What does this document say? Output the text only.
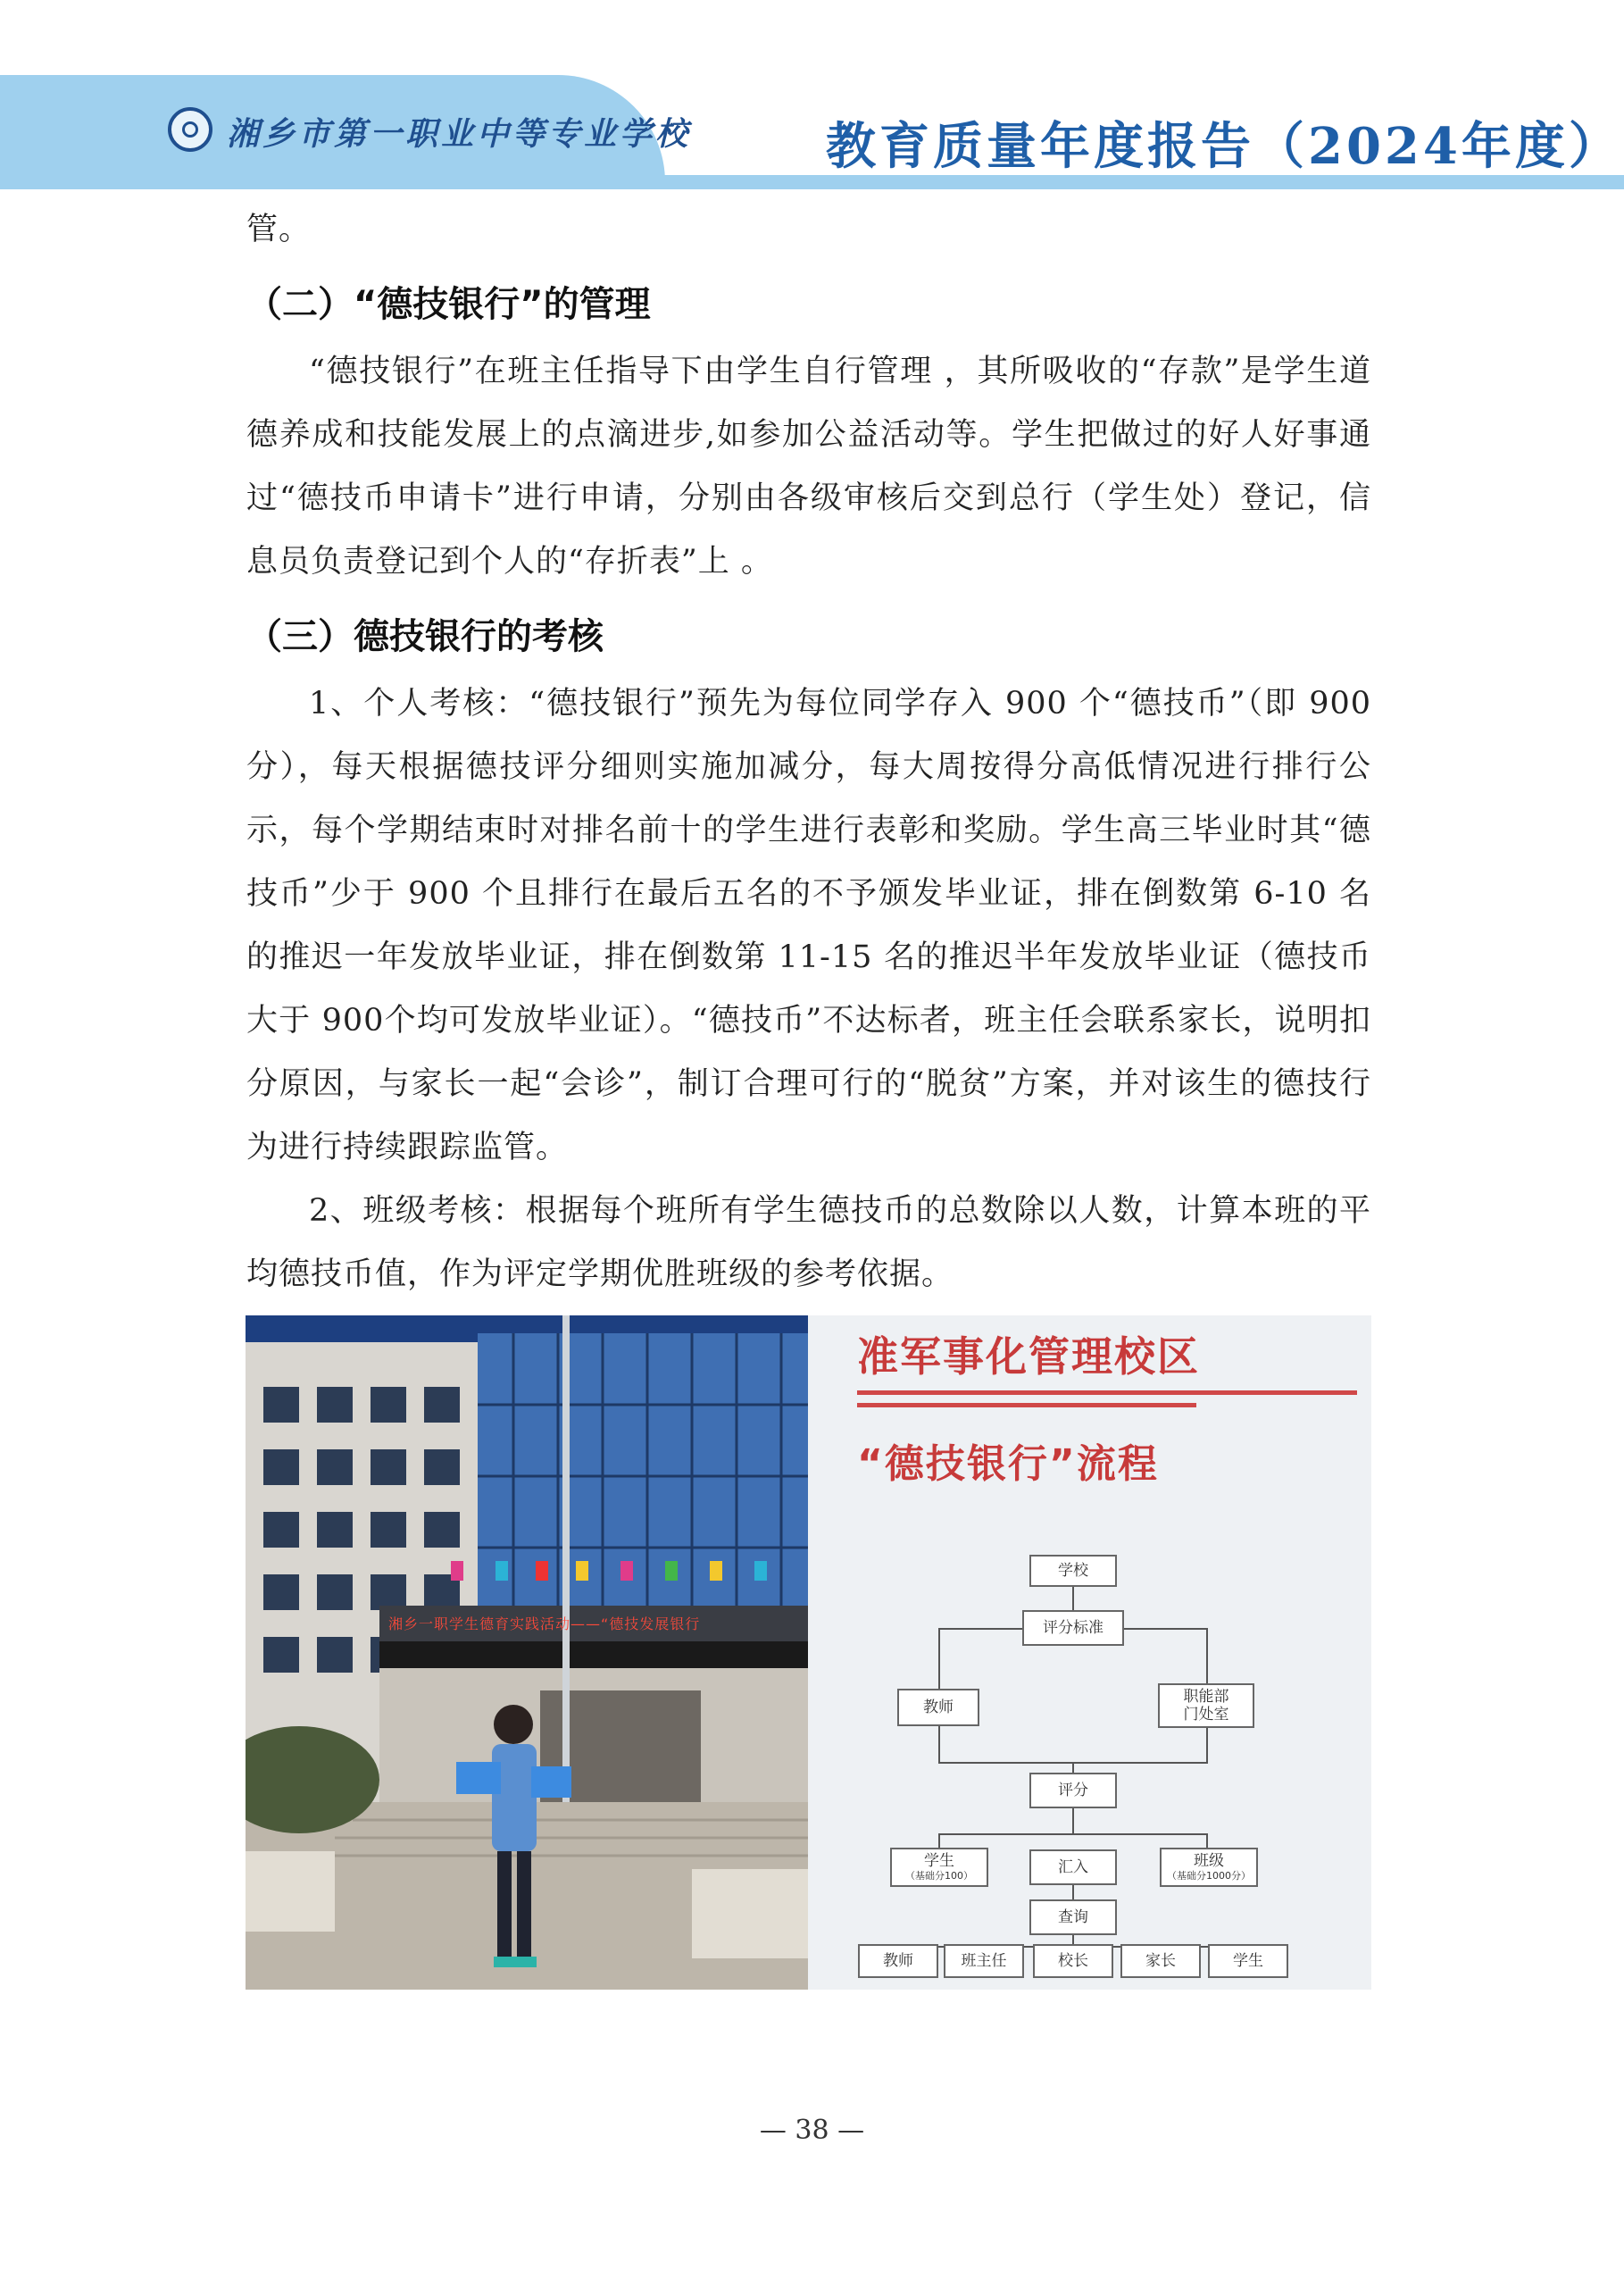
湘乡市第一职业中等专业学校	教育质量年度报告（2024年度）

管。

（二）“德技银行”的管理

“德技银行”在班主任指导下由学生自行管理 ，其所吸收的“存款”是学生道德养成和技能发展上的点滴进步,如参加公益活动等。学生把做过的好人好事通过“德技币申请卡”进行申请，分别由各级审核后交到总行（学生处）登记，信息员负责登记到个人的“存折表”上 。

（三）德技银行的考核

1、个人考核：“德技银行”预先为每位同学存入 900 个“德技币”（即 900分），每天根据德技评分细则实施加减分，每大周按得分高低情况进行排行公示，每个学期结束时对排名前十的学生进行表彰和奖励。学生高三毕业时其“德技币”少于 900 个且排行在最后五名的不予颁发毕业证，排在倒数第 6-10 名的推迟一年发放毕业证，排在倒数第 11-15 名的推迟半年发放毕业证（德技币大于 900个均可发放毕业证）。“德技币”不达标者，班主任会联系家长，说明扣分原因，与家长一起“会诊”，制订合理可行的“脱贫”方案，并对该生的德技行为进行持续跟踪监管。

2、班级考核：根据每个班所有学生德技币的总数除以人数，计算本班的平均德技币值，作为评定学期优胜班级的参考依据。

湘乡一职学生德育实践活动——“德技发展银行
准军事化管理校区
“德技银行”流程
学校
评分标准
教师
职能部
门处室
评分
学生
（基础分100）	汇入	班级
（基础分1000分）
查询
教师	班主任	校长	家长	学生
— 38 —
